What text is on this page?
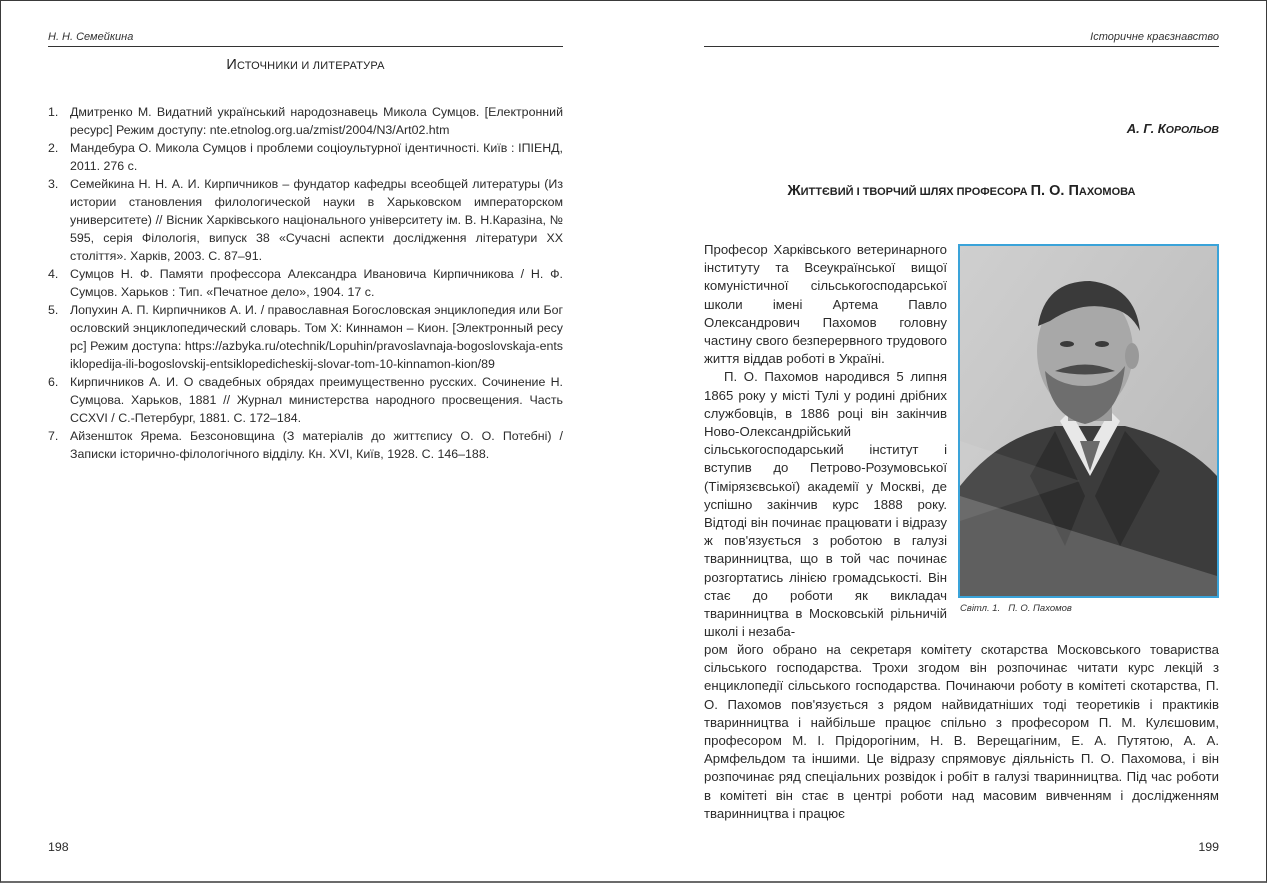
Н. Н. Семейкина
ИСТОЧНИКИ И ЛИТЕРАТУРА
1. Дмитренко М. Видатний український народознавець Микола Сумцов. [Електронний ресурс] Режим доступу: nte.etnolog.org.ua/zmist/2004/N3/Art02.htm
2. Мандебура О. Микола Сумцов і проблеми соціоультурної ідентичності. Київ : ІПІЕНД, 2011. 276 с.
3. Семейкина Н. Н. А. И. Кирпичников – фундатор кафедры всеобщей литературы (Из истории становления филологической науки в Харьковском императорском университете) // Вісник Харківського національного університету ім. В. Н.Каразіна, № 595, серія Філологія, випуск 38 «Сучасні аспекти дослідження літератури XX століття». Харків, 2003. С. 87–91.
4. Сумцов Н. Ф. Памяти профессора Александра Ивановича Кирпичникова / Н. Ф. Сумцов. Харьков : Тип. «Печатное дело», 1904. 17 с.
5. Лопухин А. П. Кирпичников А. И. / православная Богословская энциклопедия или Богословский энциклопедический словарь. Том X: Киннамон – Кион. [Электронный ресурс] Режим доступа: https://azbyka.ru/otechnik/Lopuhin/pravoslavnaja-bogoslovskaja-entsiklopedija-ili-bogoslovskij-entsiklopedicheskij-slovar-tom-10-kinnamon-kion/89
6. Кирпичников А. И. О свадебных обрядах преимущественно русских. Сочинение Н. Сумцова. Харьков, 1881 // Журнал министерства народного просвещения. Часть CCXVI / С.-Петербург, 1881. С. 172–184.
7. Айзеншток Ярема. Безсоновщина (З матеріалів до життєпису О. О. Потебні) / Записки історично-філологічного відділу. Кн. XVI, Київ, 1928. С. 146–188.
198
Історичне краєзнавство
А. Г. КОРОЛЬОВ
ЖИТТЄВИЙ І ТВОРЧИЙ ШЛЯХ ПРОФЕСОРА П. О. ПАХОМОВА

Професор Харківського ветеринарного інституту та Всеукраїнської вищої комуністичної сільськогосподарської школи імені Артема Павло Олександрович Пахомов головну частину свого безперервного трудового життя віддав роботі в Україні.

П. О. Пахомов народився 5 липня 1865 року у місті Тулі у родині дрібних службовців, в 1886 році він закінчив Ново-Олександрійський сільськогосподарський інститут і вступив до Петрово-Розумовської (Тімірязєвської) академії у Москві, де успішно закінчив курс 1888 року. Відтоді він починає працювати і відразу ж пов'язується з роботою в галузі тваринництва, що в той час починає розгортатись лінією громадськості. Він стає до роботи як викладач тваринництва в Московській рільничій школі і незаба-

ром його обрано на секретаря комітету скотарства Московського товариства сільського господарства. Трохи згодом він розпочинає читати курс лекцій з енциклопедії сільського господарства. Починаючи роботу в комітеті скотарства, П. О. Пахомов пов'язується з рядом найвидатніших тоді теоретиків і практиків тваринництва і найбільше працює спільно з професором П. М. Кулєшовим, професором М. І. Прідорогіним, Н. В. Верещагіним, Е. А. Путятою, А. А. Армфельдом та іншими. Це відразу спрямовує діяльність П. О. Пахомова, і він розпочинає ряд спеціальних розвідок і робіт в галузі тваринництва. Під час роботи в комітеті він стає в центрі роботи над масовим вивченням і дослідженням тваринництва і працює
Світл. 1. П. О. Пахомов
199
